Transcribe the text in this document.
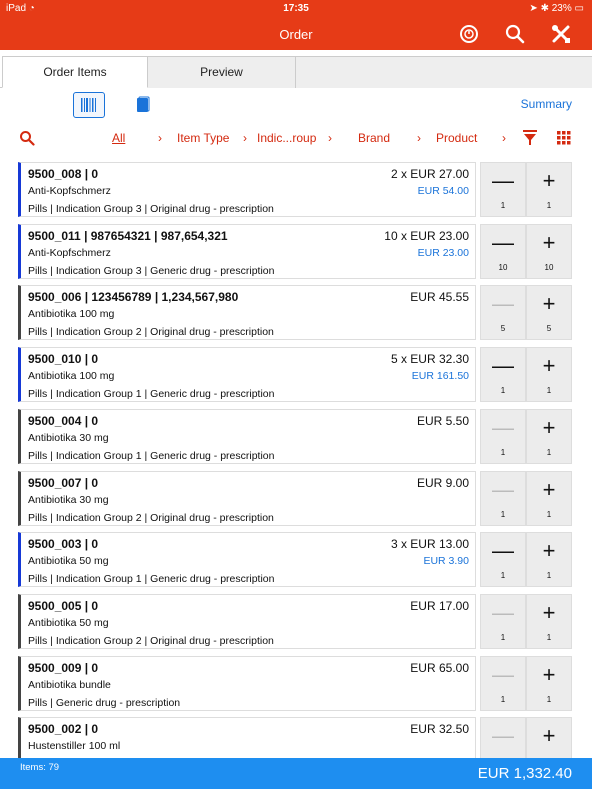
iPad ◔	17:35	➤ ✱ 23% ▭
Order
Order Items	Preview
Summary
All	› Item Type › Indic...roup › Brand › Product ›
9500_008 | 0	2 x EUR 27.00
Anti-Kopfschmerz	EUR 54.00
Pills | Indication Group 3 | Original drug - prescription
—
1
+
1
9500_011 | 987654321 | 987,654,321	10 x EUR 23.00
Anti-Kopfschmerz	EUR 23.00
Pills | Indication Group 3 | Generic drug - prescription
—
10
+
10
9500_006 | 123456789 | 1,234,567,980	EUR 45.55
Antibiotika 100 mg
Pills | Indication Group 2 | Original drug - prescription
—
5
+
5
9500_010 | 0	5 x EUR 32.30
Antibiotika 100 mg	EUR 161.50
Pills | Indication Group 1 | Generic drug - prescription
—
1
+
1
9500_004 | 0	EUR 5.50
Antibiotika 30 mg
Pills | Indication Group 1 | Generic drug - prescription
—
1
+
1
9500_007 | 0	EUR 9.00
Antibiotika 30 mg
Pills | Indication Group 2 | Original drug - prescription
—
1
+
1
9500_003 | 0	3 x EUR 13.00
Antibiotika 50 mg	EUR 3.90
Pills | Indication Group 1 | Generic drug - prescription
—
1
+
1
9500_005 | 0	EUR 17.00
Antibiotika 50 mg
Pills | Indication Group 2 | Original drug - prescription
—
1
+
1
9500_009 | 0	EUR 65.00
Antibiotika bundle
Pills | Generic drug - prescription
—
1
+
1
9500_002 | 0	EUR 32.50
Hustenstiller 100 ml	—	+
Items: 79	EUR 1,332.40
